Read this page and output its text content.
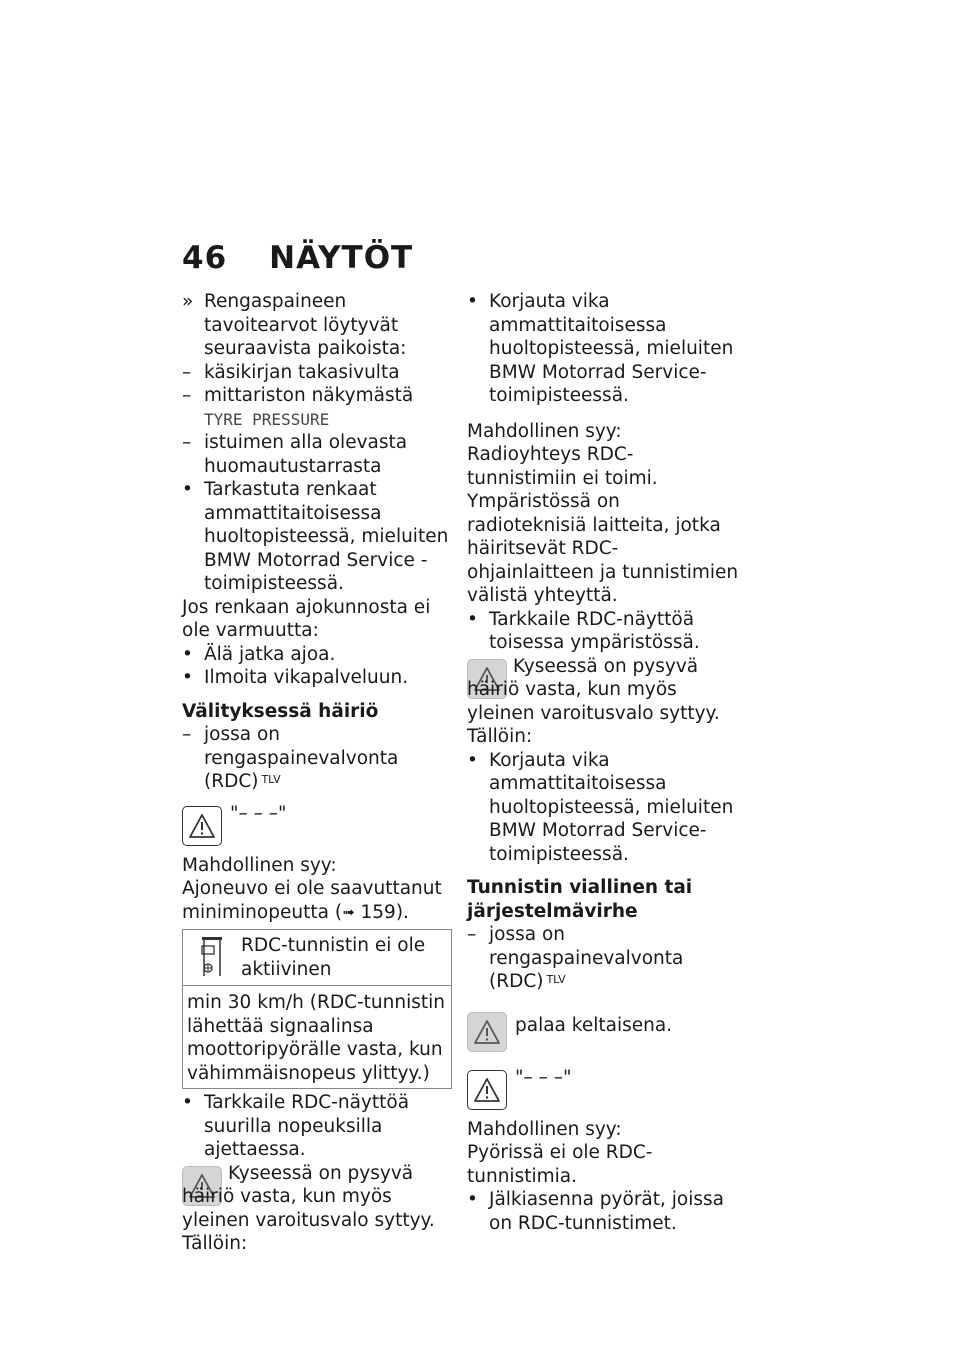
46 NÄYTÖT
» Rengaspaineen tavoitearvot löytyvät seuraavista paikoista:
– käsikirjan takasivulta
– mittariston näkymästä TYRE PRESSURE
– istuimen alla olevasta huomautustarrasta
• Tarkastuta renkaat ammattitaitoisessa huoltopisteessä, mieluiten BMW Motorrad Service -toimipisteessä.

Jos renkaan ajokunnosta ei ole varmuutta:

• Älä jatka ajoa.
• Ilmoita vikapalveluun.
Välityksessä häiriö
– jossa on rengaspainevalvonta (RDC) $^{TLV}$
"– – –"

Mahdollinen syy:

Ajoneuvo ei ole saavuttanut miniminopeutta (➟ 159).

RDC-tunnistin ei ole aktiivinen
min 30 km/h (RDC-tunnistin lähettää signaalinsa moottoripyörälle vasta, kun vähimmäisnopeus ylittyy.)
• Tarkkaile RDC-näyttöä suurilla nopeuksilla ajettaessa.
Kyseessä on pysyvä häiriö vasta, kun myös yleinen varoitusvalo syttyy.

Tällöin:

• Korjauta vika ammattitaitoisessa huoltopisteessä, mieluiten BMW Motorrad Service-toimipisteessä.

Mahdollinen syy:

Radioyhteys RDC-tunnistimiin ei toimi. Ympäristössä on radioteknisiä laitteita, jotka häiritsevät RDC-ohjainlaitteen ja tunnistimien välistä yhteyttä.

• Tarkkaile RDC-näyttöä toisessa ympäristössä.
Kyseessä on pysyvä häiriö vasta, kun myös yleinen varoitusvalo syttyy.

Tällöin:

• Korjauta vika ammattitaitoisessa huoltopisteessä, mieluiten BMW Motorrad Service-toimipisteessä.
Tunnistin viallinen tai järjestelmävirhe
– jossa on rengaspainevalvonta (RDC) $^{TLV}$
palaa keltaisena.
"– – –"

Mahdollinen syy:

Pyörissä ei ole RDC-tunnistimia.

• Jälkiasenna pyörät, joissa on RDC-tunnistimet.
